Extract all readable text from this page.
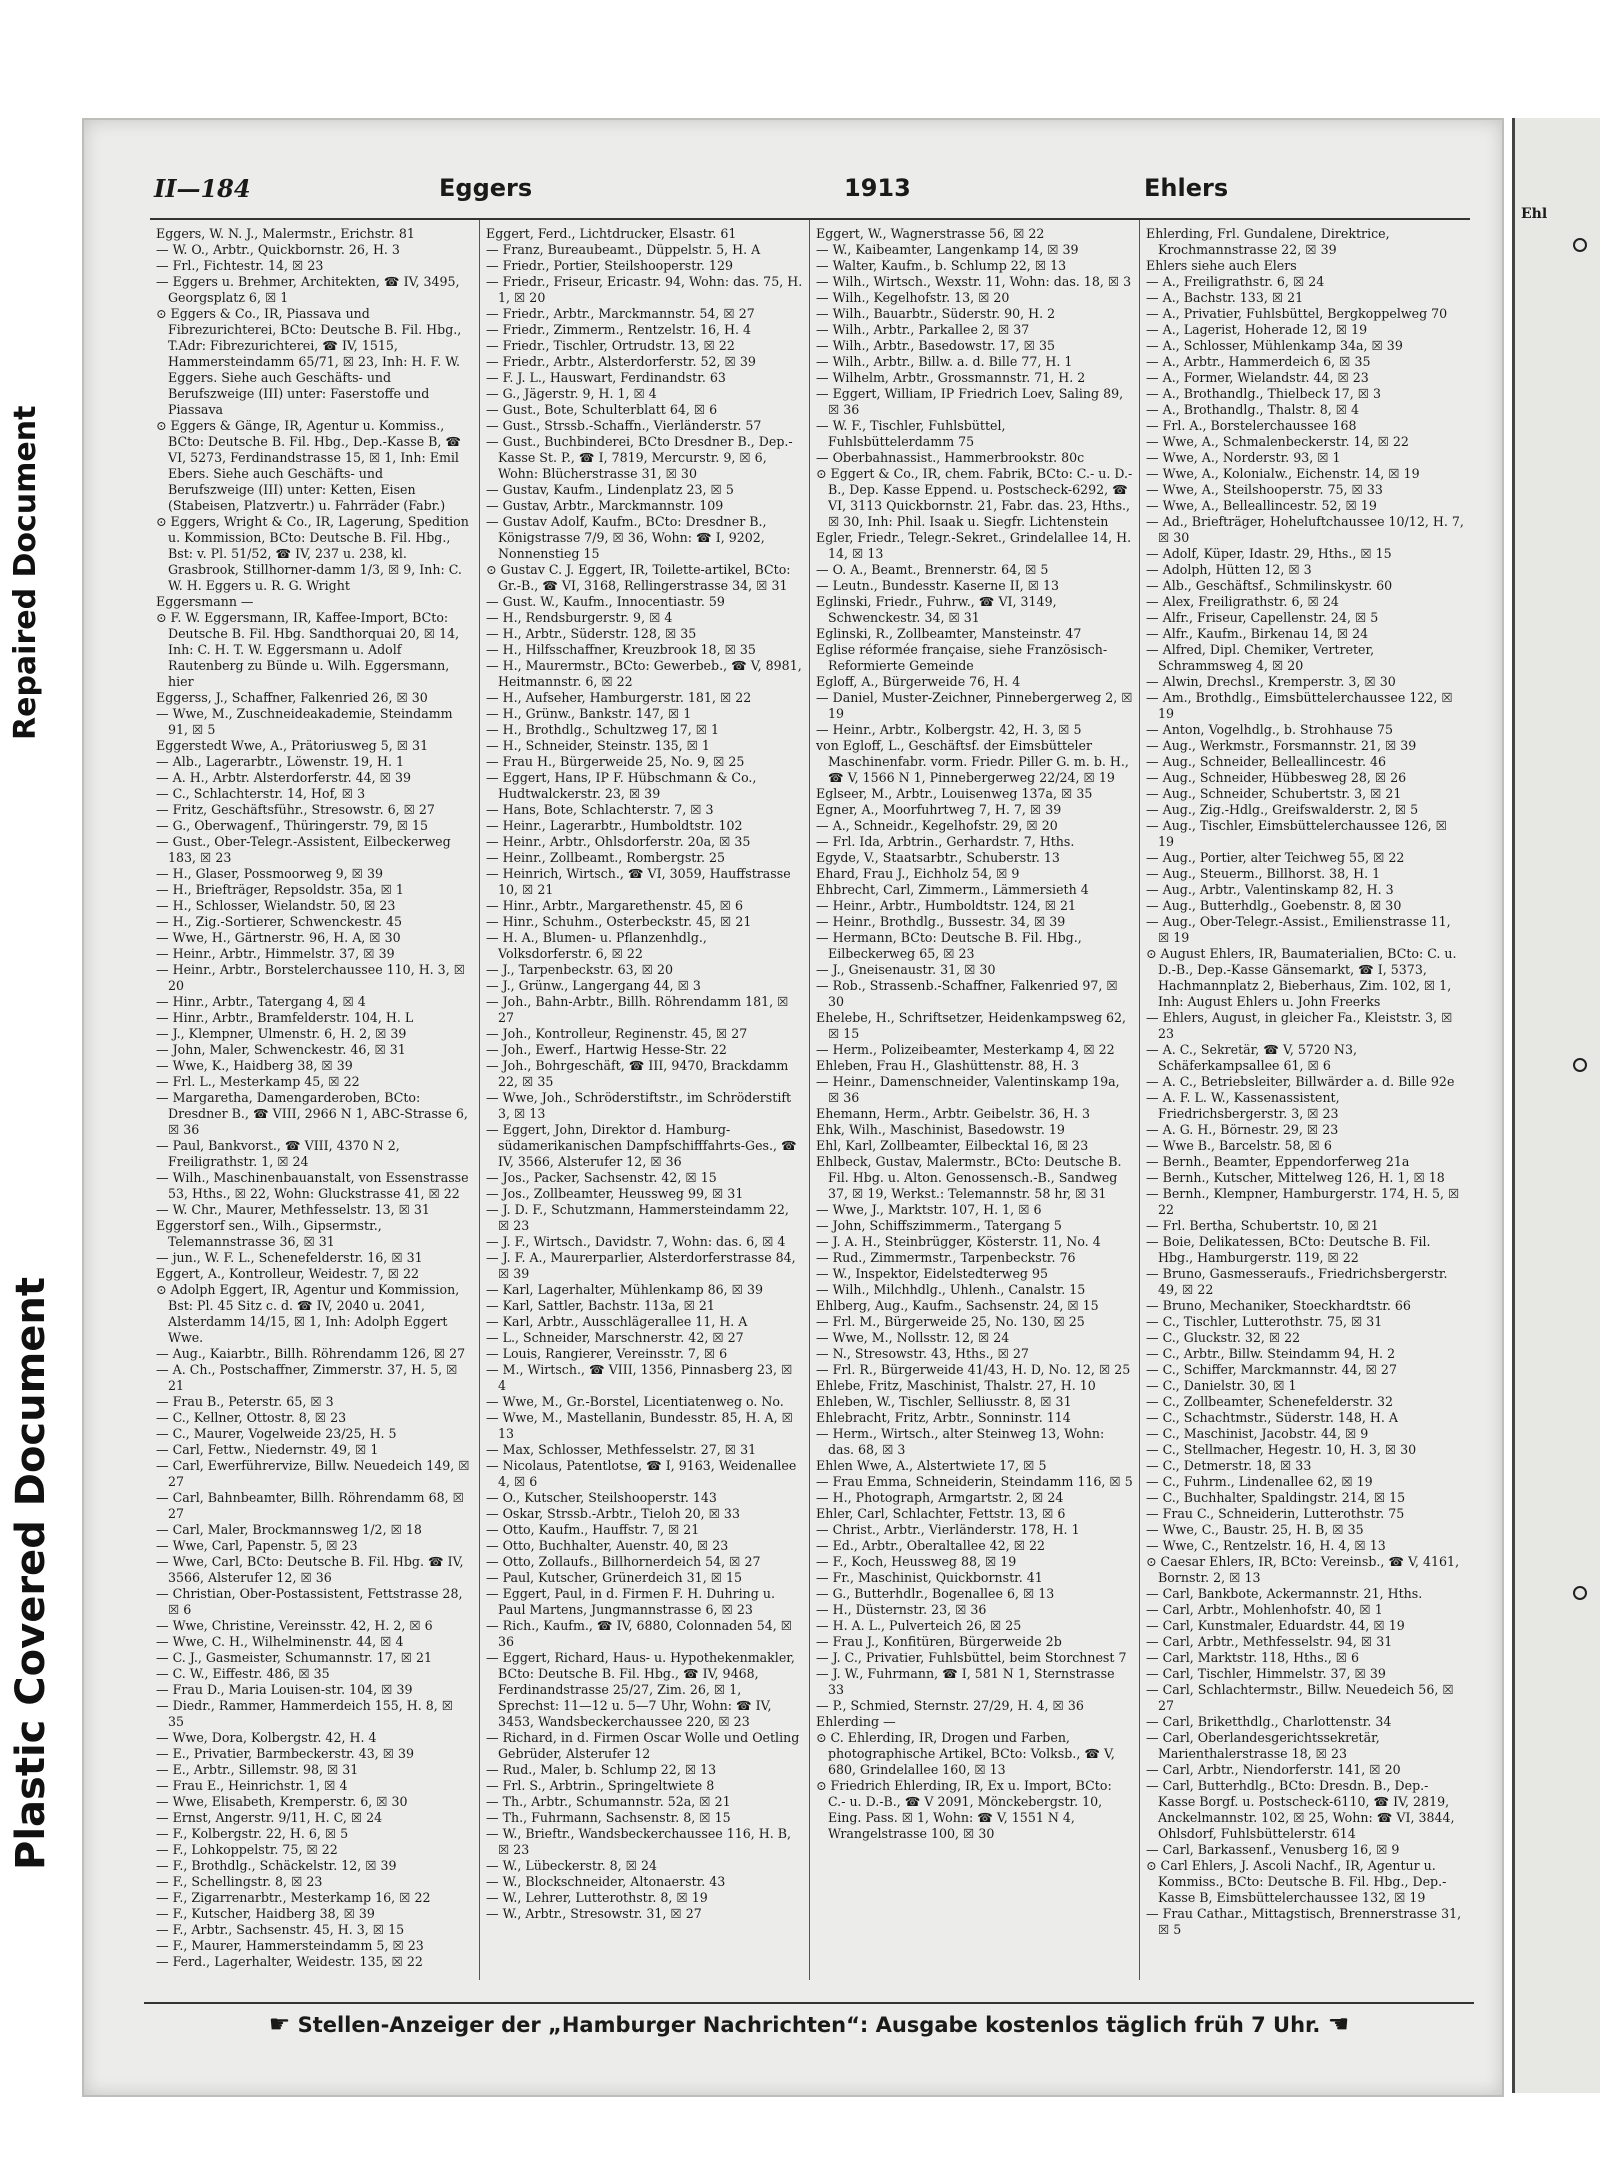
Plastic Covered Document
Repaired Document
II—184	Eggers	1913	Ehlers

Eggers, W. N. J., Malermstr., Erichstr. 81

— W. O., Arbtr., Quickbornstr. 26, H. 3

— Frl., Fichtestr. 14, ☒ 23

— Eggers u. Brehmer, Architekten, ☎ IV, 3495, Georgsplatz 6, ☒ 1

⊙ Eggers & Co., IR, Piassava und Fibrezurichterei, BCto: Deutsche B. Fil. Hbg., T.Adr: Fibrezurichterei, ☎ IV, 1515, Hammersteindamm 65/71, ☒ 23, Inh: H. F. W. Eggers. Siehe auch Geschäfts- und Berufszweige (III) unter: Faserstoffe und Piassava

⊙ Eggers & Gänge, IR, Agentur u. Kommiss., BCto: Deutsche B. Fil. Hbg., Dep.-Kasse B, ☎ VI, 5273, Ferdinandstrasse 15, ☒ 1, Inh: Emil Ebers. Siehe auch Geschäfts- und Berufszweige (III) unter: Ketten, Eisen (Stabeisen, Platzvertr.) u. Fahrräder (Fabr.)

⊙ Eggers, Wright & Co., IR, Lagerung, Spedition u. Kommission, BCto: Deutsche B. Fil. Hbg., Bst: v. Pl. 51/52, ☎ IV, 237 u. 238, kl. Grasbrook, Stillhorner-damm 1/3, ☒ 9, Inh: C. W. H. Eggers u. R. G. Wright

Eggersmann —

⊙ F. W. Eggersmann, IR, Kaffee-Import, BCto: Deutsche B. Fil. Hbg. Sandthorquai 20, ☒ 14, Inh: C. H. T. W. Eggersmann u. Adolf Rautenberg zu Bünde u. Wilh. Eggersmann, hier

Eggerss, J., Schaffner, Falkenried 26, ☒ 30

— Wwe, M., Zuschneideakademie, Steindamm 91, ☒ 5

Eggerstedt Wwe, A., Prätoriusweg 5, ☒ 31

— Alb., Lagerarbtr., Löwenstr. 19, H. 1

— A. H., Arbtr. Alsterdorferstr. 44, ☒ 39

— C., Schlachterstr. 14, Hof, ☒ 3

— Fritz, Geschäftsführ., Stresowstr. 6, ☒ 27

— G., Oberwagenf., Thüringerstr. 79, ☒ 15

— Gust., Ober-Telegr.-Assistent, Eilbeckerweg 183, ☒ 23

— H., Glaser, Possmoorweg 9, ☒ 39

— H., Briefträger, Repsoldstr. 35a, ☒ 1

— H., Schlosser, Wielandstr. 50, ☒ 23

— H., Zig.-Sortierer, Schwenckestr. 45

— Wwe, H., Gärtnerstr. 96, H. A, ☒ 30

— Heinr., Arbtr., Himmelstr. 37, ☒ 39

— Heinr., Arbtr., Borstelerchaussee 110, H. 3, ☒ 20

— Hinr., Arbtr., Tatergang 4, ☒ 4

— Hinr., Arbtr., Bramfelderstr. 104, H. L

— J., Klempner, Ulmenstr. 6, H. 2, ☒ 39

— John, Maler, Schwenckestr. 46, ☒ 31

— Wwe, K., Haidberg 38, ☒ 39

— Frl. L., Mesterkamp 45, ☒ 22

— Margaretha, Damengarderoben, BCto: Dresdner B., ☎ VIII, 2966 N 1, ABC-Strasse 6, ☒ 36

— Paul, Bankvorst., ☎ VIII, 4370 N 2, Freiligrathstr. 1, ☒ 24

— Wilh., Maschinenbauanstalt, von Essenstrasse 53, Hths., ☒ 22, Wohn: Gluckstrasse 41, ☒ 22

— W. Chr., Maurer, Methfesselstr. 13, ☒ 31

Eggerstorf sen., Wilh., Gipsermstr., Telemannstrasse 36, ☒ 31

— jun., W. F. L., Schenefelderstr. 16, ☒ 31

Eggert, A., Kontrolleur, Weidestr. 7, ☒ 22

⊙ Adolph Eggert, IR, Agentur und Kommission, Bst: Pl. 45 Sitz c. d. ☎ IV, 2040 u. 2041, Alsterdamm 14/15, ☒ 1, Inh: Adolph Eggert Wwe.

— Aug., Kaiarbtr., Billh. Röhrendamm 126, ☒ 27

— A. Ch., Postschaffner, Zimmerstr. 37, H. 5, ☒ 21

— Frau B., Peterstr. 65, ☒ 3

— C., Kellner, Ottostr. 8, ☒ 23

— C., Maurer, Vogelweide 23/25, H. 5

— Carl, Fettw., Niedernstr. 49, ☒ 1

— Carl, Ewerführervize, Billw. Neuedeich 149, ☒ 27

— Carl, Bahnbeamter, Billh. Röhrendamm 68, ☒ 27

— Carl, Maler, Brockmannsweg 1/2, ☒ 18

— Wwe, Carl, Papenstr. 5, ☒ 23

— Wwe, Carl, BCto: Deutsche B. Fil. Hbg. ☎ IV, 3566, Alsterufer 12, ☒ 36

— Christian, Ober-Postassistent, Fettstrasse 28, ☒ 6

— Wwe, Christine, Vereinsstr. 42, H. 2, ☒ 6

— Wwe, C. H., Wilhelminenstr. 44, ☒ 4

— C. J., Gasmeister, Schumannstr. 17, ☒ 21

— C. W., Eiffestr. 486, ☒ 35

— Frau D., Maria Louisen-str. 104, ☒ 39

— Diedr., Rammer, Hammerdeich 155, H. 8, ☒ 35

— Wwe, Dora, Kolbergstr. 42, H. 4

— E., Privatier, Barmbeckerstr. 43, ☒ 39

— E., Arbtr., Sillemstr. 98, ☒ 31

— Frau E., Heinrichstr. 1, ☒ 4

— Wwe, Elisabeth, Kremperstr. 6, ☒ 30

— Ernst, Angerstr. 9/11, H. C, ☒ 24

— F., Kolbergstr. 22, H. 6, ☒ 5

— F., Lohkoppelstr. 75, ☒ 22

— F., Brothdlg., Schäckelstr. 12, ☒ 39

— F., Schellingstr. 8, ☒ 23

— F., Zigarrenarbtr., Mesterkamp 16, ☒ 22

— F., Kutscher, Haidberg 38, ☒ 39

— F., Arbtr., Sachsenstr. 45, H. 3, ☒ 15

— F., Maurer, Hammersteindamm 5, ☒ 23

— Ferd., Lagerhalter, Weidestr. 135, ☒ 22

Eggert, Ferd., Lichtdrucker, Elsastr. 61

— Franz, Bureaubeamt., Düppelstr. 5, H. A

— Friedr., Portier, Steilshooperstr. 129

— Friedr., Friseur, Ericastr. 94, Wohn: das. 75, H. 1, ☒ 20

— Friedr., Arbtr., Marckmannstr. 54, ☒ 27

— Friedr., Zimmerm., Rentzelstr. 16, H. 4

— Friedr., Tischler, Ortrudstr. 13, ☒ 22

— Friedr., Arbtr., Alsterdorferstr. 52, ☒ 39

— F. J. L., Hauswart, Ferdinandstr. 63

— G., Jägerstr. 9, H. 1, ☒ 4

— Gust., Bote, Schulterblatt 64, ☒ 6

— Gust., Strssb.-Schaffn., Vierländerstr. 57

— Gust., Buchbinderei, BCto Dresdner B., Dep.-Kasse St. P., ☎ I, 7819, Mercurstr. 9, ☒ 6, Wohn: Blücherstrasse 31, ☒ 30

— Gustav, Kaufm., Lindenplatz 23, ☒ 5

— Gustav, Arbtr., Marckmannstr. 109

— Gustav Adolf, Kaufm., BCto: Dresdner B., Königstrasse 7/9, ☒ 36, Wohn: ☎ I, 9202, Nonnenstieg 15

⊙ Gustav C. J. Eggert, IR, Toilette-artikel, BCto: Gr.-B., ☎ VI, 3168, Rellingerstrasse 34, ☒ 31

— Gust. W., Kaufm., Innocentiastr. 59

— H., Rendsburgerstr. 9, ☒ 4

— H., Arbtr., Süderstr. 128, ☒ 35

— H., Hilfsschaffner, Kreuzbrook 18, ☒ 35

— H., Maurermstr., BCto: Gewerbeb., ☎ V, 8981, Heitmannstr. 6, ☒ 22

— H., Aufseher, Hamburgerstr. 181, ☒ 22

— H., Grünw., Bankstr. 147, ☒ 1

— H., Brothdlg., Schultzweg 17, ☒ 1

— H., Schneider, Steinstr. 135, ☒ 1

— Frau H., Bürgerweide 25, No. 9, ☒ 25

— Eggert, Hans, IP F. Hübschmann & Co., Hudtwalckerstr. 23, ☒ 39

— Hans, Bote, Schlachterstr. 7, ☒ 3

— Heinr., Lagerarbtr., Humboldtstr. 102

— Heinr., Arbtr., Ohlsdorferstr. 20a, ☒ 35

— Heinr., Zollbeamt., Rombergstr. 25

— Heinrich, Wirtsch., ☎ VI, 3059, Hauffstrasse 10, ☒ 21

— Hinr., Arbtr., Margarethenstr. 45, ☒ 6

— Hinr., Schuhm., Osterbeckstr. 45, ☒ 21

— H. A., Blumen- u. Pflanzenhdlg., Volksdorferstr. 6, ☒ 22

— J., Tarpenbeckstr. 63, ☒ 20

— J., Grünw., Langergang 44, ☒ 3

— Joh., Bahn-Arbtr., Billh. Röhrendamm 181, ☒ 27

— Joh., Kontrolleur, Reginenstr. 45, ☒ 27

— Joh., Ewerf., Hartwig Hesse-Str. 22

— Joh., Bohrgeschäft, ☎ III, 9470, Brackdamm 22, ☒ 35

— Wwe, Joh., Schröderstiftstr., im Schröderstift 3, ☒ 13

— Eggert, John, Direktor d. Hamburg-südamerikanischen Dampfschifffahrts-Ges., ☎ IV, 3566, Alsterufer 12, ☒ 36

— Jos., Packer, Sachsenstr. 42, ☒ 15

— Jos., Zollbeamter, Heussweg 99, ☒ 31

— J. D. F., Schutzmann, Hammersteindamm 22, ☒ 23

— J. F., Wirtsch., Davidstr. 7, Wohn: das. 6, ☒ 4

— J. F. A., Maurerparlier, Alsterdorferstrasse 84, ☒ 39

— Karl, Lagerhalter, Mühlenkamp 86, ☒ 39

— Karl, Sattler, Bachstr. 113a, ☒ 21

— Karl, Arbtr., Ausschlägerallee 11, H. A

— L., Schneider, Marschnerstr. 42, ☒ 27

— Louis, Rangierer, Vereinsstr. 7, ☒ 6

— M., Wirtsch., ☎ VIII, 1356, Pinnasberg 23, ☒ 4

— Wwe, M., Gr.-Borstel, Licentiatenweg o. No.

— Wwe, M., Mastellanin, Bundesstr. 85, H. A, ☒ 13

— Max, Schlosser, Methfesselstr. 27, ☒ 31

— Nicolaus, Patentlotse, ☎ I, 9163, Weidenallee 4, ☒ 6

— O., Kutscher, Steilshooperstr. 143

— Oskar, Strssb.-Arbtr., Tieloh 20, ☒ 33

— Otto, Kaufm., Hauffstr. 7, ☒ 21

— Otto, Buchhalter, Auenstr. 40, ☒ 23

— Otto, Zollaufs., Billhornerdeich 54, ☒ 27

— Paul, Kutscher, Grünerdeich 31, ☒ 15

— Eggert, Paul, in d. Firmen F. H. Duhring u. Paul Martens, Jungmannstrasse 6, ☒ 23

— Rich., Kaufm., ☎ IV, 6880, Colonnaden 54, ☒ 36

— Eggert, Richard, Haus- u. Hypothekenmakler, BCto: Deutsche B. Fil. Hbg., ☎ IV, 9468, Ferdinandstrasse 25/27, Zim. 26, ☒ 1, Sprechst: 11—12 u. 5—7 Uhr, Wohn: ☎ IV, 3453, Wandsbeckerchaussee 220, ☒ 23

— Richard, in d. Firmen Oscar Wolle und Oetling Gebrüder, Alsterufer 12

— Rud., Maler, b. Schlump 22, ☒ 13

— Frl. S., Arbtrin., Springeltwiete 8

— Th., Arbtr., Schumannstr. 52a, ☒ 21

— Th., Fuhrmann, Sachsenstr. 8, ☒ 15

— W., Brieftr., Wandsbeckerchaussee 116, H. B, ☒ 23

— W., Lübeckerstr. 8, ☒ 24

— W., Blockschneider, Altonaerstr. 43

— W., Lehrer, Lutterothstr. 8, ☒ 19

— W., Arbtr., Stresowstr. 31, ☒ 27

Eggert, W., Wagnerstrasse 56, ☒ 22

— W., Kaibeamter, Langenkamp 14, ☒ 39

— Walter, Kaufm., b. Schlump 22, ☒ 13

— Wilh., Wirtsch., Wexstr. 11, Wohn: das. 18, ☒ 3

— Wilh., Kegelhofstr. 13, ☒ 20

— Wilh., Bauarbtr., Süderstr. 90, H. 2

— Wilh., Arbtr., Parkallee 2, ☒ 37

— Wilh., Arbtr., Basedowstr. 17, ☒ 35

— Wilh., Arbtr., Billw. a. d. Bille 77, H. 1

— Wilhelm, Arbtr., Grossmannstr. 71, H. 2

— Eggert, William, IP Friedrich Loev, Saling 89, ☒ 36

— W. F., Tischler, Fuhlsbüttel, Fuhlsbüttelerdamm 75

— Oberbahnassist., Hammerbrookstr. 80c

⊙ Eggert & Co., IR, chem. Fabrik, BCto: C.- u. D.-B., Dep. Kasse Eppend. u. Postscheck-6292, ☎ VI, 3113 Quickbornstr. 21, Fabr. das. 23, Hths., ☒ 30, Inh: Phil. Isaak u. Siegfr. Lichtenstein

Egler, Friedr., Telegr.-Sekret., Grindelallee 14, H. 14, ☒ 13

— O. A., Beamt., Brennerstr. 64, ☒ 5

— Leutn., Bundesstr. Kaserne II, ☒ 13

Eglinski, Friedr., Fuhrw., ☎ VI, 3149, Schwenckestr. 34, ☒ 31

Eglinski, R., Zollbeamter, Mansteinstr. 47

Eglise réformée française, siehe Französisch-Reformierte Gemeinde

Egloff, A., Bürgerweide 76, H. 4

— Daniel, Muster-Zeichner, Pinnebergerweg 2, ☒ 19

— Heinr., Arbtr., Kolbergstr. 42, H. 3, ☒ 5

von Egloff, L., Geschäftsf. der Eimsbütteler Maschinenfabr. vorm. Friedr. Piller G. m. b. H., ☎ V, 1566 N 1, Pinnebergerweg 22/24, ☒ 19

Eglseer, M., Arbtr., Louisenweg 137a, ☒ 35

Egner, A., Moorfuhrtweg 7, H. 7, ☒ 39

— A., Schneidr., Kegelhofstr. 29, ☒ 20

— Frl. Ida, Arbtrin., Gerhardstr. 7, Hths.

Egyde, V., Staatsarbtr., Schuberstr. 13

Ehard, Frau J., Eichholz 54, ☒ 9

Ehbrecht, Carl, Zimmerm., Lämmersieth 4

— Heinr., Arbtr., Humboldtstr. 124, ☒ 21

— Heinr., Brothdlg., Bussestr. 34, ☒ 39

— Hermann, BCto: Deutsche B. Fil. Hbg., Eilbeckerweg 65, ☒ 23

— J., Gneisenaustr. 31, ☒ 30

— Rob., Strassenb.-Schaffner, Falkenried 97, ☒ 30

Ehelebe, H., Schriftsetzer, Heidenkampsweg 62, ☒ 15

— Herm., Polizeibeamter, Mesterkamp 4, ☒ 22

Ehleben, Frau H., Glashüttenstr. 88, H. 3

— Heinr., Damenschneider, Valentinskamp 19a, ☒ 36

Ehemann, Herm., Arbtr. Geibelstr. 36, H. 3

Ehk, Wilh., Maschinist, Basedowstr. 19

Ehl, Karl, Zollbeamter, Eilbecktal 16, ☒ 23

Ehlbeck, Gustav, Malermstr., BCto: Deutsche B. Fil. Hbg. u. Alton. Genossensch.-B., Sandweg 37, ☒ 19, Werkst.: Telemannstr. 58 hr, ☒ 31

— Wwe, J., Marktstr. 107, H. 1, ☒ 6

— John, Schiffszimmerm., Tatergang 5

— J. A. H., Steinbrügger, Kösterstr. 11, No. 4

— Rud., Zimmermstr., Tarpenbeckstr. 76

— W., Inspektor, Eidelstedterweg 95

— Wilh., Milchhdlg., Uhlenh., Canalstr. 15

Ehlberg, Aug., Kaufm., Sachsenstr. 24, ☒ 15

— Frl. M., Bürgerweide 25, No. 130, ☒ 25

— Wwe, M., Nollsstr. 12, ☒ 24

— N., Stresowstr. 43, Hths., ☒ 27

— Frl. R., Bürgerweide 41/43, H. D, No. 12, ☒ 25

Ehlebe, Fritz, Maschinist, Thalstr. 27, H. 10

Ehleben, W., Tischler, Selliusstr. 8, ☒ 31

Ehlebracht, Fritz, Arbtr., Sonninstr. 114

— Herm., Wirtsch., alter Steinweg 13, Wohn: das. 68, ☒ 3

Ehlen Wwe, A., Alstertwiete 17, ☒ 5

— Frau Emma, Schneiderin, Steindamm 116, ☒ 5

— H., Photograph, Armgartstr. 2, ☒ 24

Ehler, Carl, Schlachter, Fettstr. 13, ☒ 6

— Christ., Arbtr., Vierländerstr. 178, H. 1

— Ed., Arbtr., Oberaltallee 42, ☒ 22

— F., Koch, Heussweg 88, ☒ 19

— Fr., Maschinist, Quickbornstr. 41

— G., Butterhdlr., Bogenallee 6, ☒ 13

— H., Düsternstr. 23, ☒ 36

— H. A. L., Pulverteich 26, ☒ 25

— Frau J., Konfitüren, Bürgerweide 2b

— J. C., Privatier, Fuhlsbüttel, beim Storchnest 7

— J. W., Fuhrmann, ☎ I, 581 N 1, Sternstrasse 33

— P., Schmied, Sternstr. 27/29, H. 4, ☒ 36

Ehlerding —

⊙ C. Ehlerding, IR, Drogen und Farben, photographische Artikel, BCto: Volksb., ☎ V, 680, Grindelallee 160, ☒ 13

⊙ Friedrich Ehlerding, IR, Ex u. Import, BCto: C.- u. D.-B., ☎ V 2091, Mönckebergstr. 10, Eing. Pass. ☒ 1, Wohn: ☎ V, 1551 N 4, Wrangelstrasse 100, ☒ 30

Ehlerding, Frl. Gundalene, Direktrice, Krochmannstrasse 22, ☒ 39

Ehlers siehe auch Elers

— A., Freiligrathstr. 6, ☒ 24

— A., Bachstr. 133, ☒ 21

— A., Privatier, Fuhlsbüttel, Bergkoppelweg 70

— A., Lagerist, Hoherade 12, ☒ 19

— A., Schlosser, Mühlenkamp 34a, ☒ 39

— A., Arbtr., Hammerdeich 6, ☒ 35

— A., Former, Wielandstr. 44, ☒ 23

— A., Brothandlg., Thielbeck 17, ☒ 3

— A., Brothandlg., Thalstr. 8, ☒ 4

— Frl. A., Borstelerchaussee 168

— Wwe, A., Schmalenbeckerstr. 14, ☒ 22

— Wwe, A., Norderstr. 93, ☒ 1

— Wwe, A., Kolonialw., Eichenstr. 14, ☒ 19

— Wwe, A., Steilshooperstr. 75, ☒ 33

— Wwe, A., Belleallincestr. 52, ☒ 19

— Ad., Briefträger, Hoheluftchaussee 10/12, H. 7, ☒ 30

— Adolf, Küper, Idastr. 29, Hths., ☒ 15

— Adolph, Hütten 12, ☒ 3

— Alb., Geschäftsf., Schmilinskystr. 60

— Alex, Freiligrathstr. 6, ☒ 24

— Alfr., Friseur, Capellenstr. 24, ☒ 5

— Alfr., Kaufm., Birkenau 14, ☒ 24

— Alfred, Dipl. Chemiker, Vertreter, Schrammsweg 4, ☒ 20

— Alwin, Drechsl., Kremperstr. 3, ☒ 30

— Am., Brothdlg., Eimsbüttelerchaussee 122, ☒ 19

— Anton, Vogelhdlg., b. Strohhause 75

— Aug., Werkmstr., Forsmannstr. 21, ☒ 39

— Aug., Schneider, Belleallincestr. 46

— Aug., Schneider, Hübbesweg 28, ☒ 26

— Aug., Schneider, Schubertstr. 3, ☒ 21

— Aug., Zig.-Hdlg., Greifswalderstr. 2, ☒ 5

— Aug., Tischler, Eimsbüttelerchaussee 126, ☒ 19

— Aug., Portier, alter Teichweg 55, ☒ 22

— Aug., Steuerm., Billhorst. 38, H. 1

— Aug., Arbtr., Valentinskamp 82, H. 3

— Aug., Butterhdlg., Goebenstr. 8, ☒ 30

— Aug., Ober-Telegr.-Assist., Emilienstrasse 11, ☒ 19

⊙ August Ehlers, IR, Baumaterialien, BCto: C. u. D.-B., Dep.-Kasse Gänsemarkt, ☎ I, 5373, Hachmannplatz 2, Bieberhaus, Zim. 102, ☒ 1, Inh: August Ehlers u. John Freerks

— Ehlers, August, in gleicher Fa., Kleiststr. 3, ☒ 23

— A. C., Sekretär, ☎ V, 5720 N3, Schäferkampsallee 61, ☒ 6

— A. C., Betriebsleiter, Billwärder a. d. Bille 92e

— A. F. L. W., Kassenassistent, Friedrichsbergerstr. 3, ☒ 23

— A. G. H., Börnestr. 29, ☒ 23

— Wwe B., Barcelstr. 58, ☒ 6

— Bernh., Beamter, Eppendorferweg 21a

— Bernh., Kutscher, Mittelweg 126, H. 1, ☒ 18

— Bernh., Klempner, Hamburgerstr. 174, H. 5, ☒ 22

— Frl. Bertha, Schubertstr. 10, ☒ 21

— Boie, Delikatessen, BCto: Deutsche B. Fil. Hbg., Hamburgerstr. 119, ☒ 22

— Bruno, Gasmesseraufs., Friedrichsbergerstr. 49, ☒ 22

— Bruno, Mechaniker, Stoeckhardtstr. 66

— C., Tischler, Lutterothstr. 75, ☒ 31

— C., Gluckstr. 32, ☒ 22

— C., Arbtr., Billw. Steindamm 94, H. 2

— C., Schiffer, Marckmannstr. 44, ☒ 27

— C., Danielstr. 30, ☒ 1

— C., Zollbeamter, Schenefelderstr. 32

— C., Schachtmstr., Süderstr. 148, H. A

— C., Maschinist, Jacobstr. 44, ☒ 9

— C., Stellmacher, Hegestr. 10, H. 3, ☒ 30

— C., Detmerstr. 18, ☒ 33

— C., Fuhrm., Lindenallee 62, ☒ 19

— C., Buchhalter, Spaldingstr. 214, ☒ 15

— Frau C., Schneiderin, Lutterothstr. 75

— Wwe, C., Baustr. 25, H. B, ☒ 35

— Wwe, C., Rentzelstr. 16, H. 4, ☒ 13

⊙ Caesar Ehlers, IR, BCto: Vereinsb., ☎ V, 4161, Bornstr. 2, ☒ 13

— Carl, Bankbote, Ackermannstr. 21, Hths.

— Carl, Arbtr., Mohlenhofstr. 40, ☒ 1

— Carl, Kunstmaler, Eduardstr. 44, ☒ 19

— Carl, Arbtr., Methfesselstr. 94, ☒ 31

— Carl, Marktstr. 118, Hths., ☒ 6

— Carl, Tischler, Himmelstr. 37, ☒ 39

— Carl, Schlachtermstr., Billw. Neuedeich 56, ☒ 27

— Carl, Briketthdlg., Charlottenstr. 34

— Carl, Oberlandesgerichtssekretär, Marienthalerstrasse 18, ☒ 23

— Carl, Arbtr., Niendorferstr. 141, ☒ 20

— Carl, Butterhdlg., BCto: Dresdn. B., Dep.-Kasse Borgf. u. Postscheck-6110, ☎ IV, 2819, Anckelmannstr. 102, ☒ 25, Wohn: ☎ VI, 3844, Ohlsdorf, Fuhlsbüttelerstr. 614

— Carl, Barkassenf., Venusberg 16, ☒ 9

⊙ Carl Ehlers, J. Ascoli Nachf., IR, Agentur u. Kommiss., BCto: Deutsche B. Fil. Hbg., Dep.-Kasse B, Eimsbüttelerchaussee 132, ☒ 19

— Frau Cathar., Mittagstisch, Brennerstrasse 31, ☒ 5

☛ Stellen-Anzeiger der „Hamburger Nachrichten“: Ausgabe kostenlos täglich früh 7 Uhr. ☚
Ehl
